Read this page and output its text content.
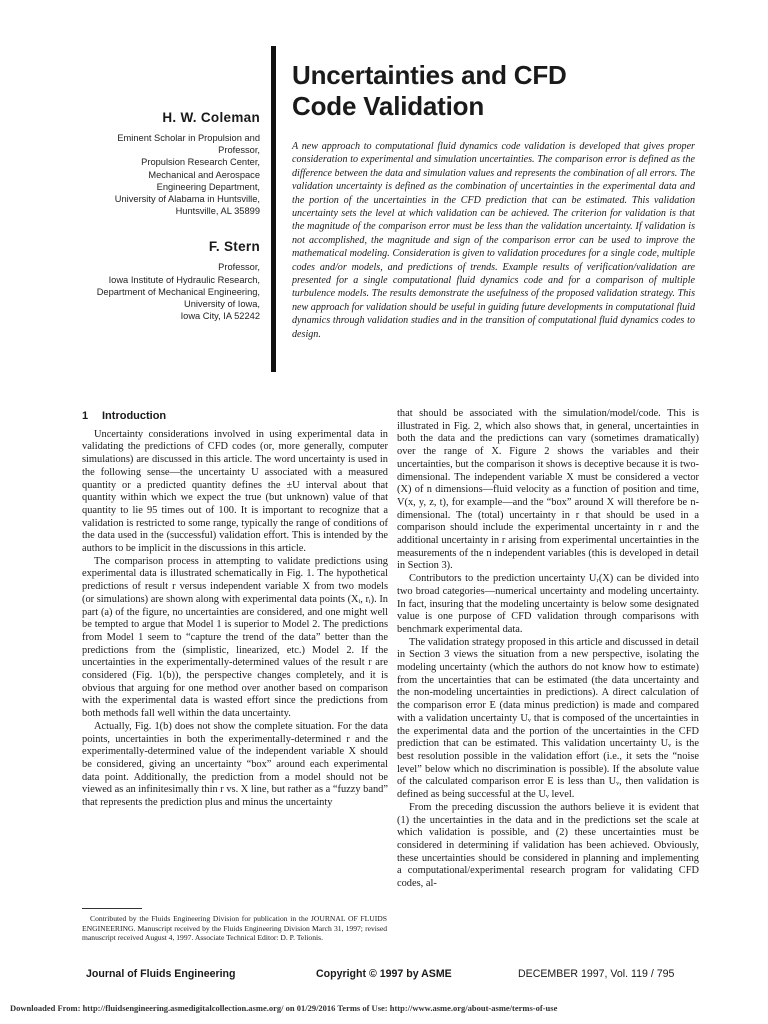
H. W. Coleman
Eminent Scholar in Propulsion and
Professor,
Propulsion Research Center,
Mechanical and Aerospace
Engineering Department,
University of Alabama in Huntsville,
Huntsville, AL 35899
F. Stern
Professor,
Iowa Institute of Hydraulic Research,
Department of Mechanical Engineering,
University of Iowa,
Iowa City, IA 52242
Uncertainties and CFD
Code Validation
A new approach to computational fluid dynamics code validation is developed that gives proper consideration to experimental and simulation uncertainties. The comparison error is defined as the difference between the data and simulation values and represents the combination of all errors. The validation uncertainty is defined as the combination of uncertainties in the experimental data and the portion of the uncertainties in the CFD prediction that can be estimated. This validation uncertainty sets the level at which validation can be achieved. The criterion for validation is that the magnitude of the comparison error must be less than the validation uncertainty. If validation is not accomplished, the magnitude and sign of the comparison error can be used to improve the mathematical modeling. Consideration is given to validation procedures for a single code, multiple codes and/or models, and predictions of trends. Example results of verification/validation are presented for a single computational fluid dynamics code and for a comparison of multiple turbulence models. The results demonstrate the usefulness of the proposed validation strategy. This new approach for validation should be useful in guiding future developments in computational fluid dynamics through validation studies and in the transition of computational fluid dynamics codes to design.
1 Introduction

Uncertainty considerations involved in using experimental data in validating the predictions of CFD codes (or, more generally, computer simulations) are discussed in this article. The word uncertainty is used in the following sense—the uncertainty U associated with a measured quantity or a predicted quantity defines the ±U interval about that quantity within which we expect the true (but unknown) value of that quantity to lie 95 times out of 100. It is important to recognize that a validation is restricted to some range, typically the range of conditions of the data used in the (successful) validation effort. This is intended by the authors to be implicit in the discussions in this article.

The comparison process in attempting to validate predictions using experimental data is illustrated schematically in Fig. 1. The hypothetical predictions of result r versus independent variable X from two models (or simulations) are shown along with experimental data points (Xᵢ, rᵢ). In part (a) of the figure, no uncertainties are considered, and one might well be tempted to argue that Model 1 is superior to Model 2. The predictions from Model 1 seem to “capture the trend of the data” better than the predictions from the (simplistic, linearized, etc.) Model 2. If the uncertainties in the experimentally-determined values of the result r are considered (Fig. 1(b)), the perspective changes completely, and it is obvious that arguing for one method over another based on comparison with the experimental data is wasted effort since the predictions from both methods fall well within the data uncertainty.

Actually, Fig. 1(b) does not show the complete situation. For the data points, uncertainties in both the experimentally-determined r and the experimentally-determined value of the independent variable X should be considered, giving an uncertainty “box” around each experimental data point. Additionally, the prediction from a model should not be viewed as an infinitesimally thin r vs. X line, but rather as a “fuzzy band” that represents the prediction plus and minus the uncertainty

that should be associated with the simulation/model/code. This is illustrated in Fig. 2, which also shows that, in general, uncertainties in both the data and the predictions can vary (sometimes dramatically) over the range of X. Figure 2 shows the variables and their uncertainties, but the comparison it shows is deceptive because it is two-dimensional. The independent variable X must be considered a vector (X) of n dimensions—fluid velocity as a function of position and time, V(x, y, z, t), for example—and the “box” around X will therefore be n-dimensional. The (total) uncertainty in r that should be used in a comparison should include the experimental uncertainty in r and the additional uncertainty in r arising from experimental uncertainties in the measurements of the n independent variables (this is developed in detail in Section 3).

Contributors to the prediction uncertainty Uᵣ(X) can be divided into two broad categories—numerical uncertainty and modeling uncertainty. In fact, insuring that the modeling uncertainty is below some designated value is one purpose of CFD validation through comparisons with benchmark experimental data.

The validation strategy proposed in this article and discussed in detail in Section 3 views the situation from a new perspective, isolating the modeling uncertainty (which the authors do not know how to estimate) from the uncertainties that can be estimated (the data uncertainty and the non-modeling uncertainties in predictions). A direct calculation of the comparison error E (data minus prediction) is made and compared with a validation uncertainty Uᵥ that is composed of the uncertainties in the experimental data and the portion of the uncertainties in the CFD prediction that can be estimated. This validation uncertainty Uᵥ is the best resolution possible in the validation effort (i.e., it sets the “noise level” below which no discrimination is possible). If the absolute value of the calculated comparison error E is less than Uᵥ, then validation is defined as being successful at the Uᵥ level.

From the preceding discussion the authors believe it is evident that (1) the uncertainties in the data and in the predictions set the scale at which validation is possible, and (2) these uncertainties must be considered in determining if validation has been achieved. Obviously, these uncertainties should be considered in planning and implementing a computational/experimental research program for validating CFD codes, al-

Contributed by the Fluids Engineering Division for publication in the JOURNAL OF FLUIDS ENGINEERING. Manuscript received by the Fluids Engineering Division March 31, 1997; revised manuscript received August 4, 1997. Associate Technical Editor: D. P. Telionis.
Journal of Fluids Engineering	Copyright © 1997 by ASME	DECEMBER 1997, Vol. 119 / 795
Downloaded From: http://fluidsengineering.asmedigitalcollection.asme.org/ on 01/29/2016 Terms of Use: http://www.asme.org/about-asme/terms-of-use
